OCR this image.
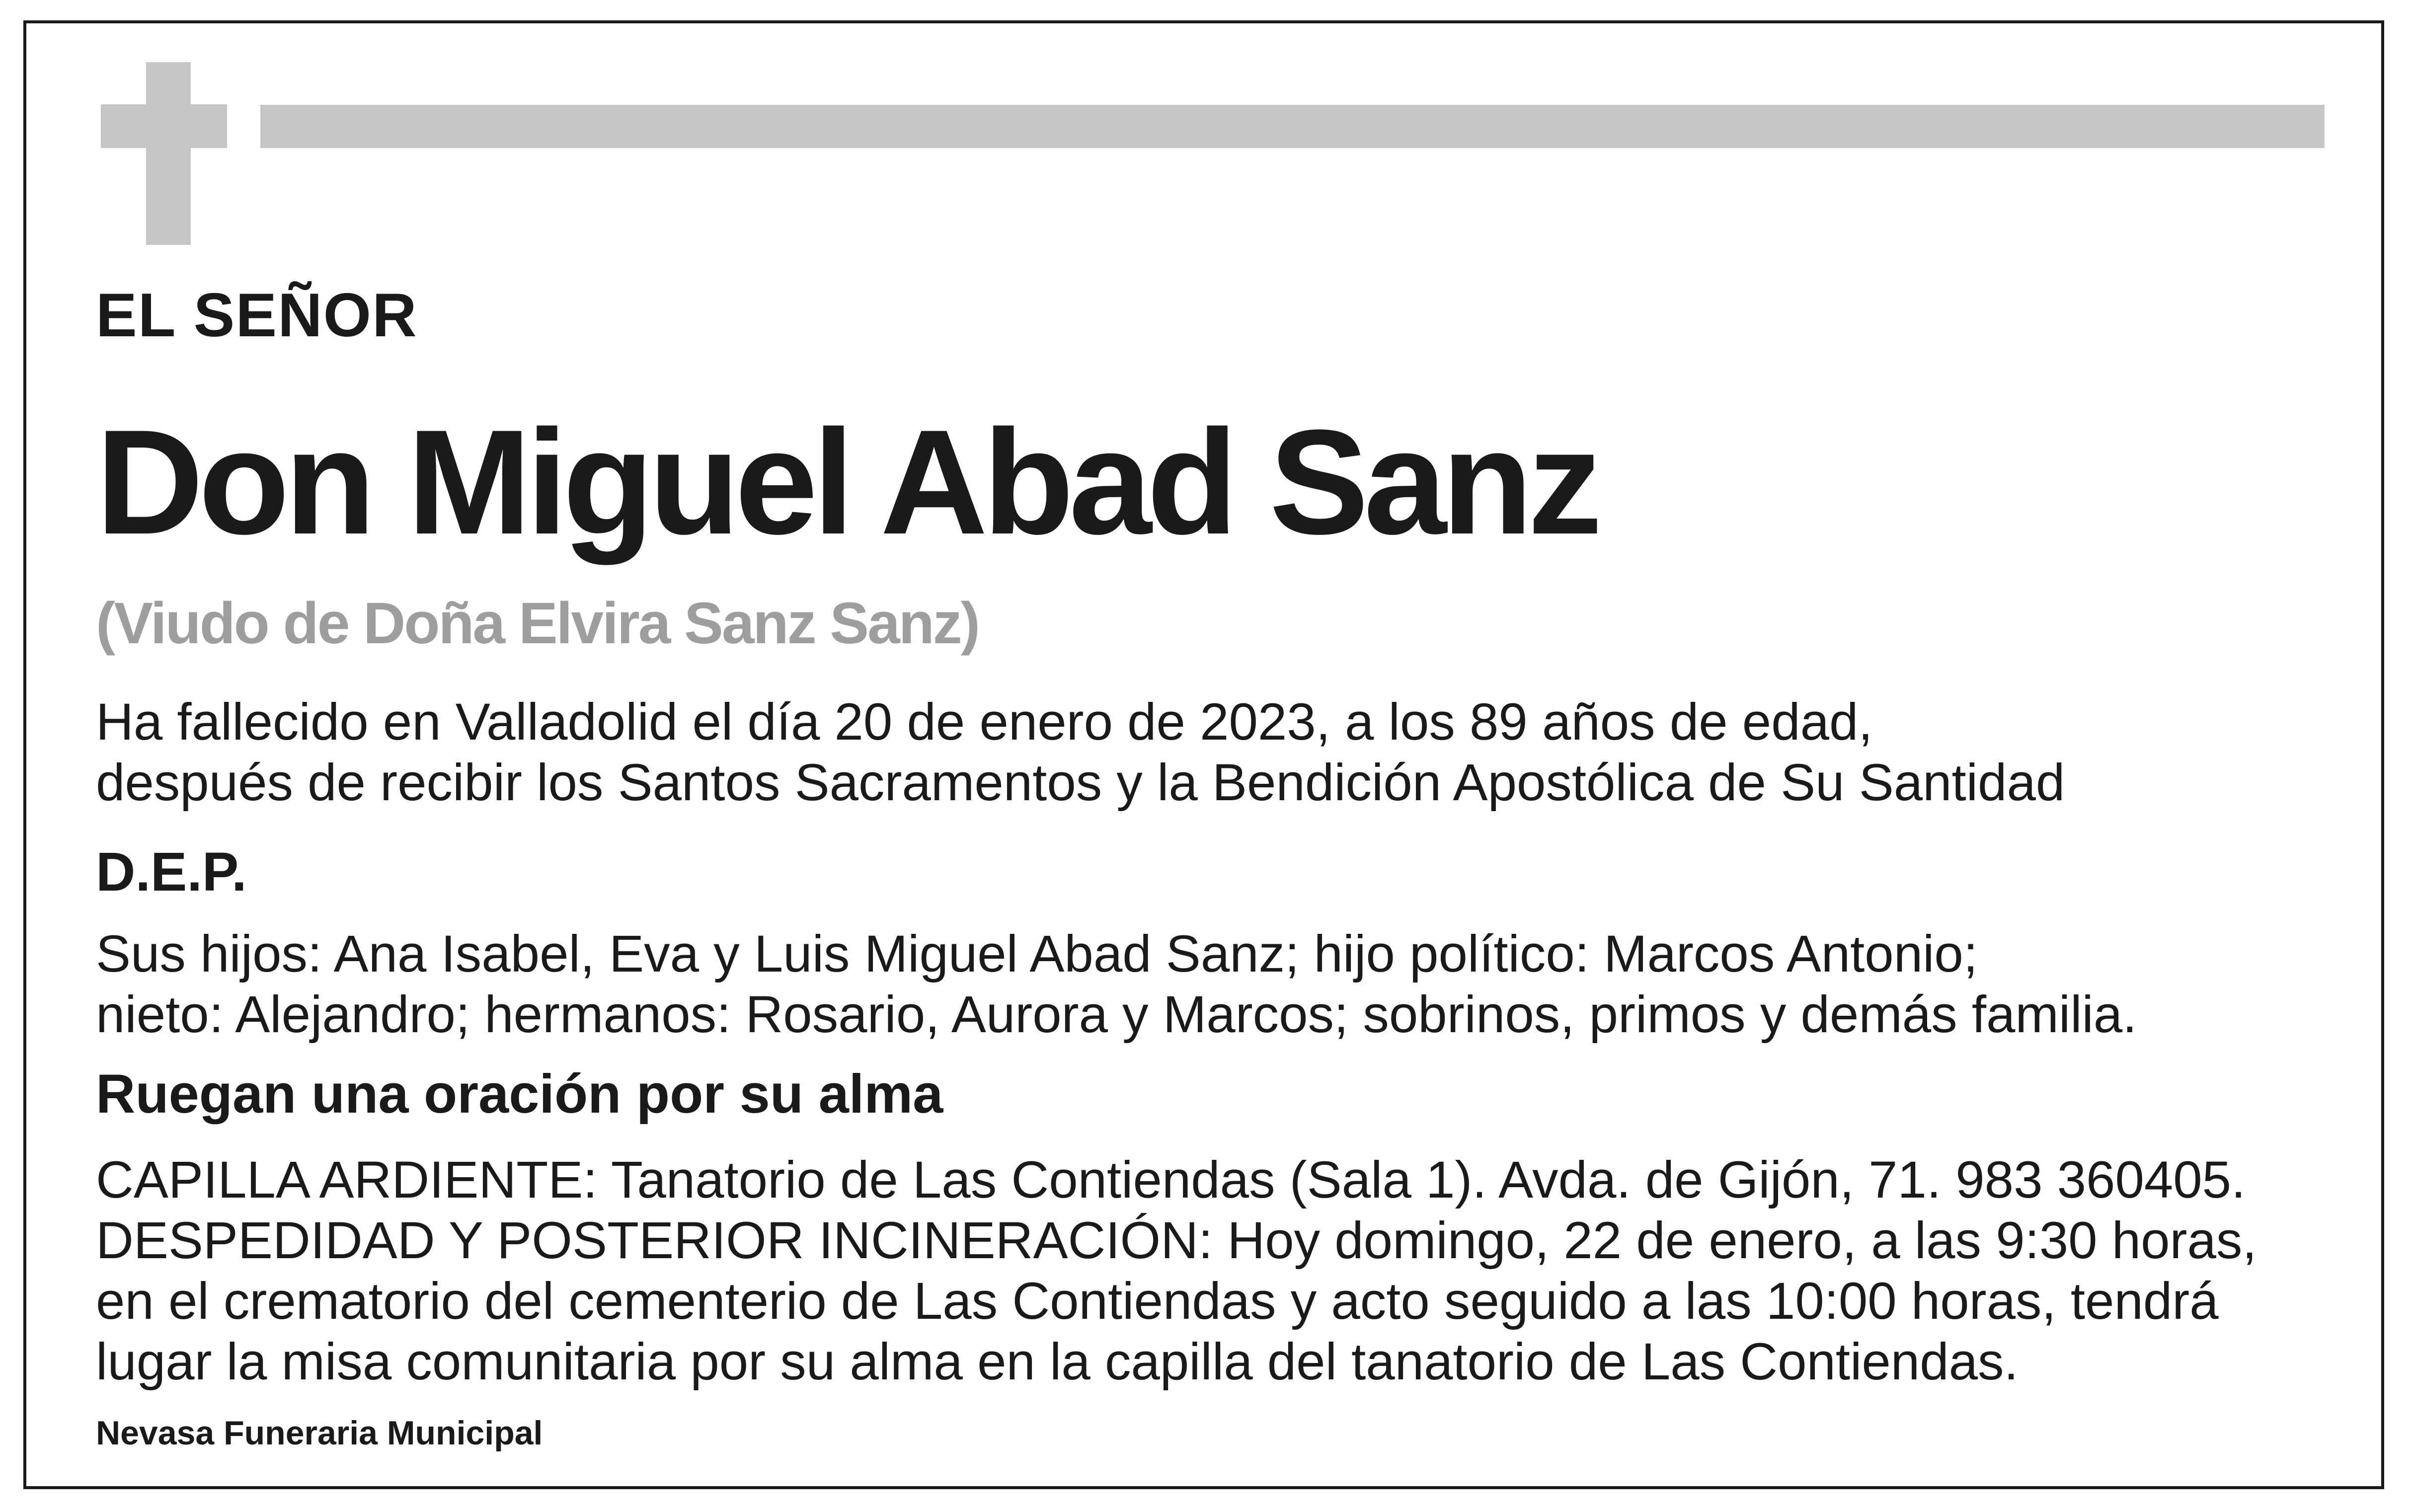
EL SEÑOR

Don Miguel Abad Sanz

(Viudo de Doña Elvira Sanz Sanz)

Ha fallecido en Valladolid el día 20 de enero de 2023, a los 89 años de edad,
después de recibir los Santos Sacramentos y la Bendición Apostólica de Su Santidad

D.E.P.

Sus hijos: Ana Isabel, Eva y Luis Miguel Abad Sanz; hijo político: Marcos Antonio;
nieto: Alejandro; hermanos: Rosario, Aurora y Marcos; sobrinos, primos y demás familia.

Ruegan una oración por su alma

CAPILLA ARDIENTE: Tanatorio de Las Contiendas (Sala 1). Avda. de Gijón, 71. 983 360405.
DESPEDIDAD Y POSTERIOR INCINERACIÓN: Hoy domingo, 22 de enero, a las 9:30 horas,
en el crematorio del cementerio de Las Contiendas y acto seguido a las 10:00 horas, tendrá
lugar la misa comunitaria por su alma en la capilla del tanatorio de Las Contiendas.

Nevasa Funeraria Municipal
